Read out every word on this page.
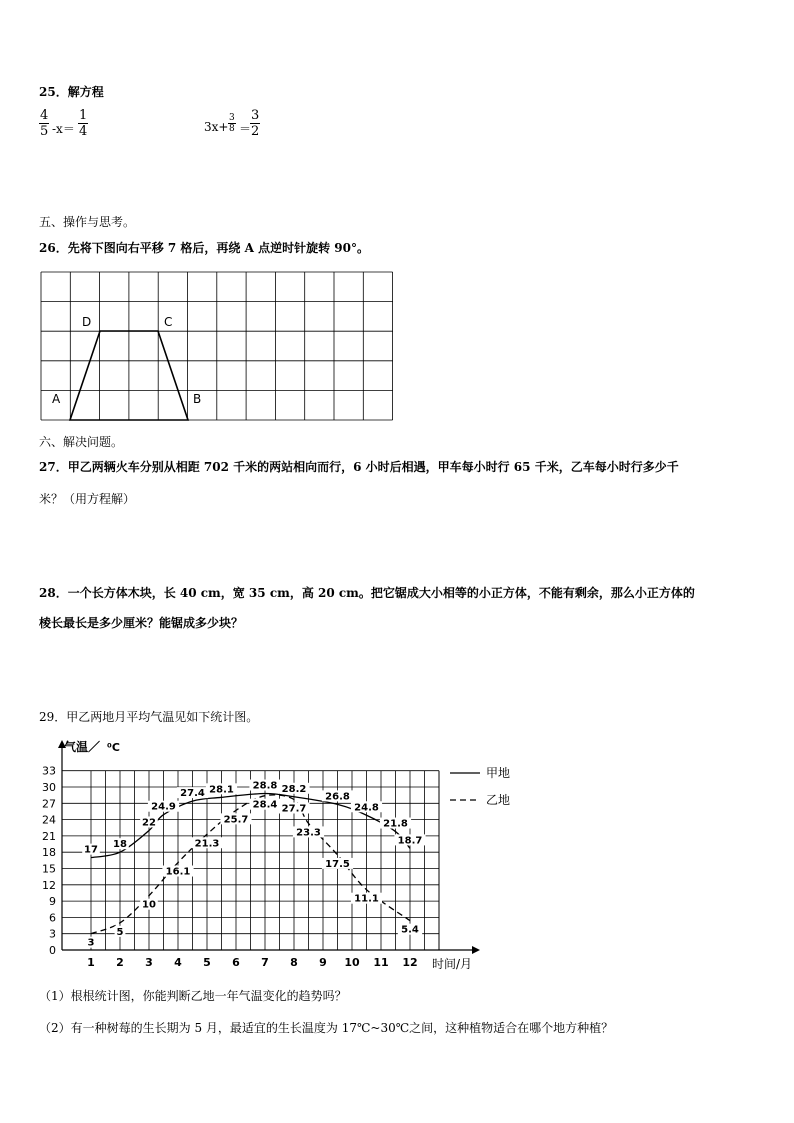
25．解方程
4
5 -x＝
1
4	3x+
3
8 ＝
3
2
五、操作与思考。
26．先将下图向右平移 7 格后，再绕 A 点逆时针旋转 90°。
A
D	C
B
六、解决问题。
27．甲乙两辆火车分别从相距 702 千米的两站相向而行，6 小时后相遇，甲车每小时行 65 千米，乙车每小时行多少千
米？（用方程解）
28．一个长方体木块，长 40 cm，宽 35 cm，高 20 cm。把它锯成大小相等的小正方体，不能有剩余，那么小正方体的
棱长最长是多少厘米？能锯成多少块？
29．甲乙两地月平均气温见如下统计图。
0
3
6
9
12
15
18
21
24
27
30
33
1 2 3 4 5 6 7 8 9 10 11 12
17 18
22
24.9
27.4 28.1 28.8 28.2
26.8
24.8
21.8
18.7
3
5
10
16.1
21.3
25.7
28.4 27.7
23.3
17.5
11.1
5.4
气温／ ⁰C
时间/月
甲地
乙地
（1）根根统计图，你能判断乙地一年气温变化的趋势吗？
（2）有一种树莓的生长期为 5 月，最适宜的生长温度为 17℃~30℃之间，这种植物适合在哪个地方种植？
